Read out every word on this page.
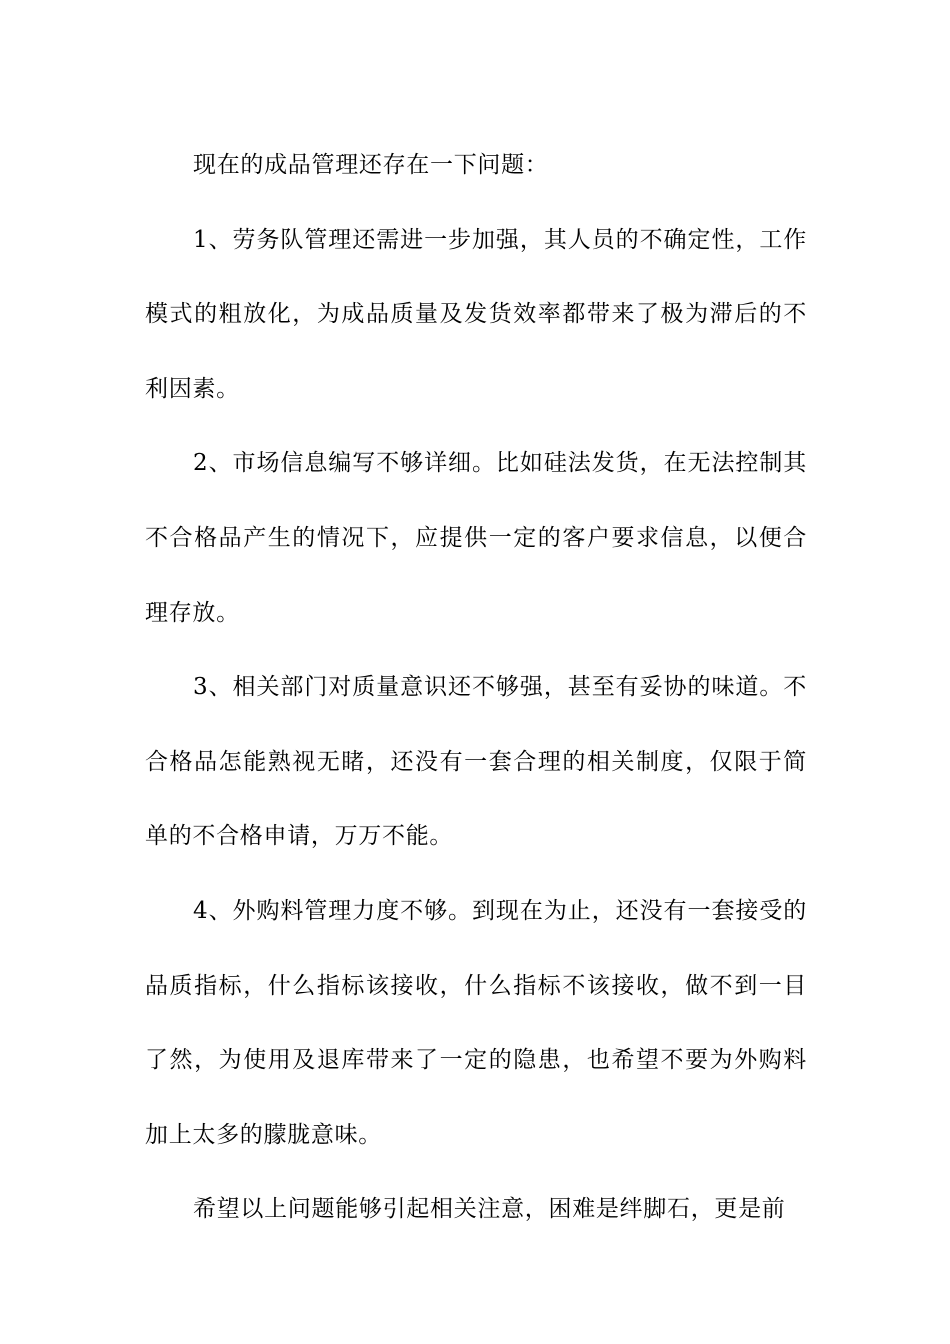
现在的成品管理还存在一下问题：

1、劳务队管理还需进一步加强，其人员的不确定性，工作模式的粗放化，为成品质量及发货效率都带来了极为滞后的不利因素。

2、市场信息编写不够详细。比如硅法发货，在无法控制其不合格品产生的情况下，应提供一定的客户要求信息，以便合理存放。

3、相关部门对质量意识还不够强，甚至有妥协的味道。不合格品怎能熟视无睹，还没有一套合理的相关制度，仅限于简单的不合格申请，万万不能。

4、外购料管理力度不够。到现在为止，还没有一套接受的品质指标，什么指标该接收，什么指标不该接收，做不到一目了然，为使用及退库带来了一定的隐患，也希望不要为外购料加上太多的朦胧意味。

希望以上问题能够引起相关注意，困难是绊脚石，更是前
